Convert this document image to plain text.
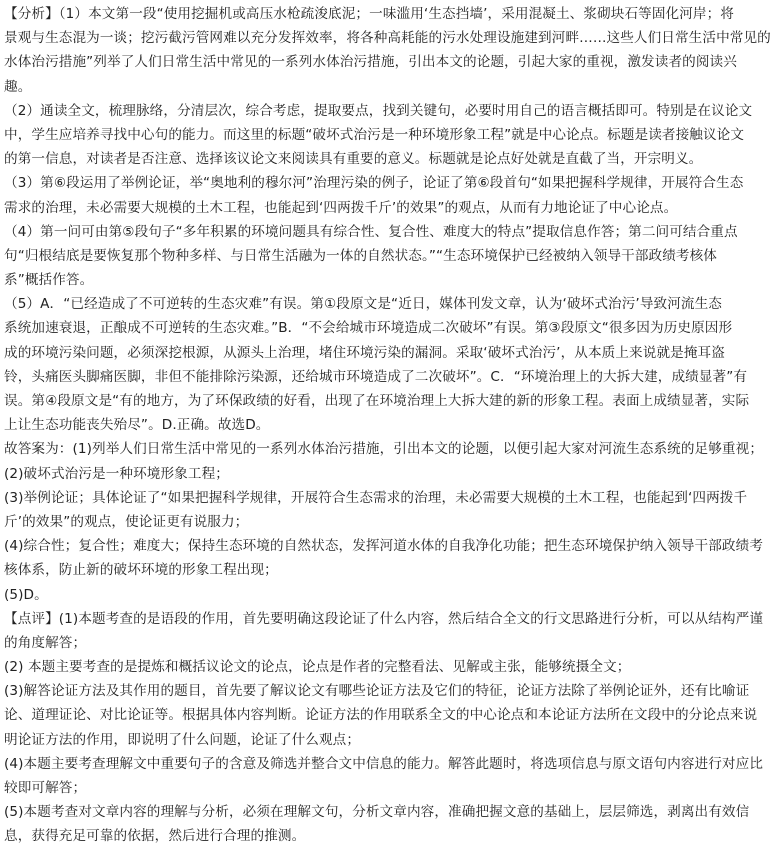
【分析】（1）本文第一段“使用挖掘机或高压水枪疏浚底泥；一味滥用‘生态挡墙’，采用混凝土、浆砌块石等固化河岸；将
景观与生态混为一谈；挖污截污管网难以充分发挥效率，将各种高耗能的污水处理设施建到河畔……这些人们日常生活中常见的
水体治污措施”列举了人们日常生活中常见的一系列水体治污措施，引出本文的论题，引起大家的重视，激发读者的阅读兴
趣。
（2）通读全文，梳理脉络，分清层次，综合考虑，提取要点，找到关键句，必要时用自己的语言概括即可。特别是在议论文
中，学生应培养寻找中心句的能力。而这里的标题“破坏式治污是一种环境形象工程”就是中心论点。标题是读者接触议论文
的第一信息，对读者是否注意、选择该议论文来阅读具有重要的意义。标题就是论点好处就是直截了当，开宗明义。
（3）第⑥段运用了举例论证，举“奥地利的穆尔河”治理污染的例子，论证了第⑥段首句“如果把握科学规律，开展符合生态
需求的治理，未必需要大规模的土木工程，也能起到‘四两拨千斤’的效果”的观点，从而有力地论证了中心论点。
（4）第一问可由第⑤段句子“多年积累的环境问题具有综合性、复合性、难度大的特点”提取信息作答；第二问可结合重点
句“归根结底是要恢复那个物种多样、与日常生活融为一体的自然状态。”“生态环境保护已经被纳入领导干部政绩考核体
系”概括作答。
（5）A．“已经造成了不可逆转的生态灾难”有误。第①段原文是“近日，媒体刊发文章，认为‘破坏式治污’导致河流生态
系统加速衰退，正酿成不可逆转的生态灾难。”B．“不会给城市环境造成二次破坏”有误。第③段原文“很多因为历史原因形
成的环境污染问题，必须深挖根源，从源头上治理，堵住环境污染的漏洞。采取‘破坏式治污’，从本质上来说就是掩耳盗
铃，头痛医头脚痛医脚，非但不能排除污染源，还给城市环境造成了二次破坏”。C．“环境治理上的大拆大建，成绩显著”有
误。第④段原文是“有的地方，为了环保政绩的好看，出现了在环境治理上大拆大建的新的形象工程。表面上成绩显著，实际
上让生态功能丧失殆尽”。D.正确。故选D。
故答案为：(1)列举人们日常生活中常见的一系列水体治污措施，引出本文的论题，以便引起大家对河流生态系统的足够重视；
(2)破坏式治污是一种环境形象工程；
(3)举例论证；具体论证了“如果把握科学规律，开展符合生态需求的治理，未必需要大规模的土木工程，也能起到‘四两拨千
斤’的效果”的观点，使论证更有说服力；
(4)综合性；复合性；难度大；保持生态环境的自然状态，发挥河道水体的自我净化功能；把生态环境保护纳入领导干部政绩考
核体系，防止新的破坏环境的形象工程出现；
(5)D。
【点评】(1)本题考查的是语段的作用，首先要明确这段论证了什么内容，然后结合全文的行文思路进行分析，可以从结构严谨
的角度解答；
(2) 本题主要考查的是提炼和概括议论文的论点，论点是作者的完整看法、见解或主张，能够统摄全文；
(3)解答论证方法及其作用的题目，首先要了解议论文有哪些论证方法及它们的特征，论证方法除了举例论证外，还有比喻证
论、道理证论、对比论证等。根据具体内容判断。论证方法的作用联系全文的中心论点和本论证方法所在文段中的分论点来说
明论证方法的作用，即说明了什么问题，论证了什么观点；
(4)本题主要考查理解文中重要句子的含意及筛选并整合文中信息的能力。解答此题时，将选项信息与原文语句内容进行对应比
较即可解答；
(5)本题考查对文章内容的理解与分析，必须在理解文句，分析文章内容，准确把握文意的基础上，层层筛选，剥离出有效信
息，获得充足可靠的依据，然后进行合理的推测。
